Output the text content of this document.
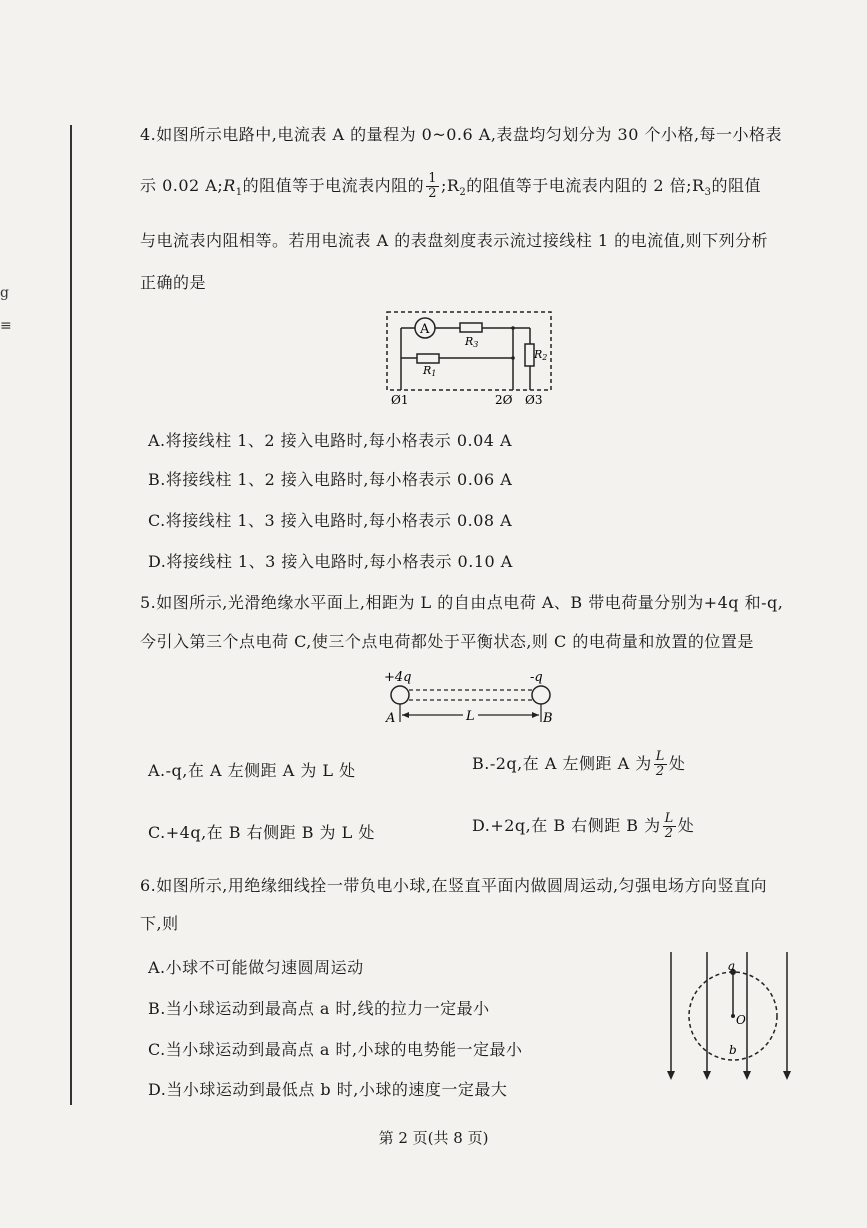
g
≡
4.如图所示电路中,电流表 A 的量程为 0~0.6 A,表盘均匀划分为 30 个小格,每一小格表
示 0.02 $A;R_1$的阻值等于电流表内阻的 $\frac{1}{2}$ $;R_2$的阻值等于电流表内阻的 2 倍$;R_3$的阻值
与电流表内阻相等。若用电流表 A 的表盘刻度表示流过接线柱 1 的电流值,则下列分析
正确的是
A
R3
R1
R2
Ø1	2Ø Ø3
A.将接线柱 1、2 接入电路时,每小格表示 0.04 A
B.将接线柱 1、2 接入电路时,每小格表示 0.06 A
C.将接线柱 1、3 接入电路时,每小格表示 0.08 A
D.将接线柱 1、3 接入电路时,每小格表示 0.10 A
5.如图所示,光滑绝缘水平面上,相距为 L 的自由点电荷 A、B 带电荷量分别为+4q 和-q,
今引入第三个点电荷 C,使三个点电荷都处于平衡状态,则 C 的电荷量和放置的位置是
+4q	-q
L
A	B
A.-q,在 A 左侧距 A 为 L 处	B.-2q,在 A 左侧距 A 为 $\frac{L}{2}$ 处
C.+4q,在 B 右侧距 B 为 L 处	D.+2q,在 B 右侧距 B 为 $\frac{L}{2}$ 处
6.如图所示,用绝缘细线拴一带负电小球,在竖直平面内做圆周运动,匀强电场方向竖直向
下,则
A.小球不可能做匀速圆周运动
B.当小球运动到最高点 a 时,线的拉力一定最小
C.当小球运动到最高点 a 时,小球的电势能一定最小
D.当小球运动到最低点 b 时,小球的速度一定最大
a
O
b
第 2 页(共 8 页)
